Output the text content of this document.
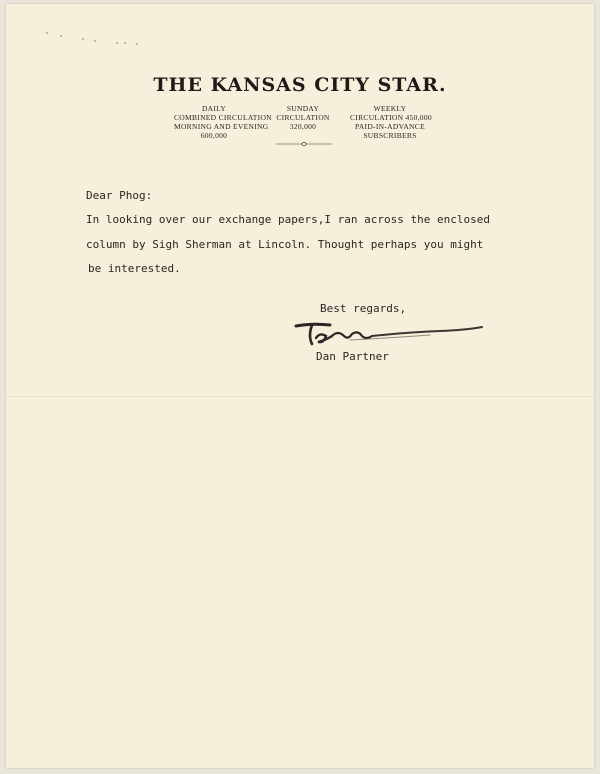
THE KANSAS CITY STAR.
DAILY
COMBINED CIRCULATION
MORNING AND EVENING
600,000
SUNDAY
CIRCULATION
320,000
WEEKLY
CIRCULATION 450,000
PAID-IN-ADVANCE
SUBSCRIBERS
Dear Phog:
In looking over our exchange papers,I ran across the enclosed
column by Sigh Sherman at Lincoln. Thought perhaps you might
be interested.
Best regards,
Dan Partner
